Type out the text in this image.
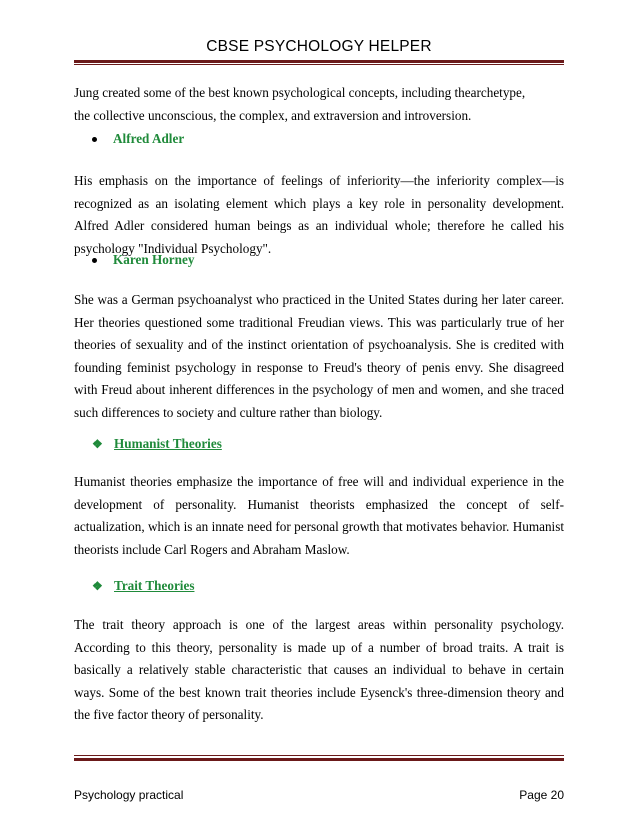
CBSE PSYCHOLOGY HELPER

Jung created some of the best known psychological concepts, including thearchetype,

the collective unconscious, the complex, and extraversion and introversion.

Alfred Adler
His emphasis on the importance of feelings of inferiority—the inferiority complex—is recognized as an isolating element which plays a key role in personality development. Alfred Adler considered human beings as an individual whole; therefore he called his psychology "Individual Psychology".
Karen Horney
She was a German psychoanalyst who practiced in the United States during her later career. Her theories questioned some traditional Freudian views. This was particularly true of her theories of sexuality and of the instinct orientation of psychoanalysis. She is credited with founding feminist psychology in response to Freud's theory of penis envy. She disagreed with Freud about inherent differences in the psychology of men and women, and she traced such differences to society and culture rather than biology.
❖ Humanist Theories
Humanist theories emphasize the importance of free will and individual experience in the development of personality. Humanist theorists emphasized the concept of self-actualization, which is an innate need for personal growth that motivates behavior. Humanist theorists include Carl Rogers and Abraham Maslow.
❖ Trait Theories
The trait theory approach is one of the largest areas within personality psychology. According to this theory, personality is made up of a number of broad traits. A trait is basically a relatively stable characteristic that causes an individual to behave in certain ways. Some of the best known trait theories include Eysenck's three-dimension theory and the five factor theory of personality.
Psychology practical	Page 20
